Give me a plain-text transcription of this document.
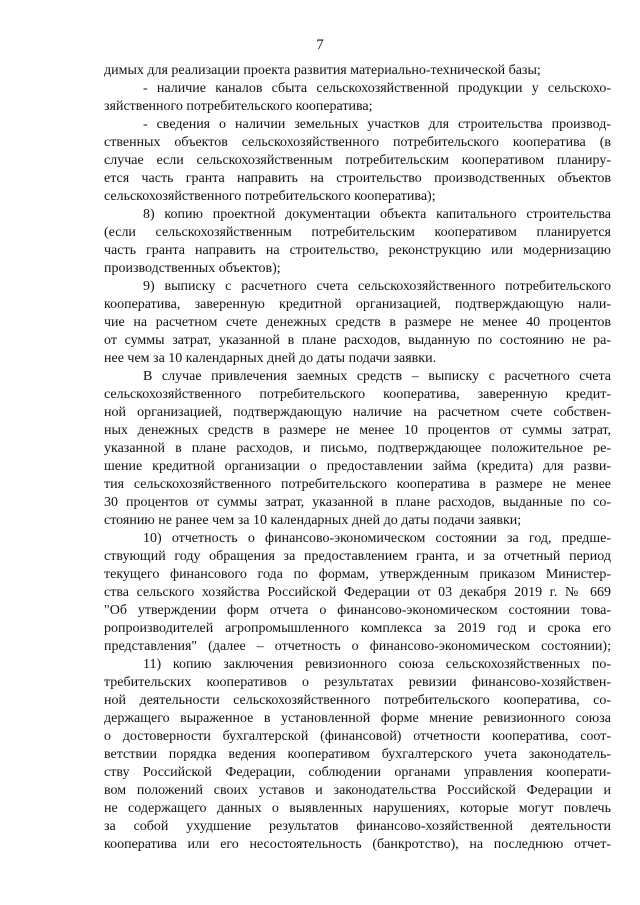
7
димых для реализации проекта развития материально-технической базы;
- наличие каналов сбыта сельскохозяйственной продукции у сельскохо-
зяйственного потребительского кооператива;
- сведения о наличии земельных участков для строительства производ-
ственных объектов сельскохозяйственного потребительского кооператива (в
случае если сельскохозяйственным потребительским кооперативом планиру-
ется часть гранта направить на строительство производственных объектов
сельскохозяйственного потребительского кооператива);
8) копию проектной документации объекта капитального строительства
(если сельскохозяйственным потребительским кооперативом планируется
часть гранта направить на строительство, реконструкцию или модернизацию
производственных объектов);
9) выписку с расчетного счета сельскохозяйственного потребительского
кооператива, заверенную кредитной организацией, подтверждающую нали-
чие на расчетном счете денежных средств в размере не менее 40 процентов
от суммы затрат, указанной в плане расходов, выданную по состоянию не ра-
нее чем за 10 календарных дней до даты подачи заявки.
В случае привлечения заемных средств – выписку с расчетного счета
сельскохозяйственного потребительского кооператива, заверенную кредит-
ной организацией, подтверждающую наличие на расчетном счете собствен-
ных денежных средств в размере не менее 10 процентов от суммы затрат,
указанной в плане расходов, и письмо, подтверждающее положительное ре-
шение кредитной организации о предоставлении займа (кредита) для разви-
тия сельскохозяйственного потребительского кооператива в размере не менее
30 процентов от суммы затрат, указанной в плане расходов, выданные по со-
стоянию не ранее чем за 10 календарных дней до даты подачи заявки;
10) отчетность о финансово-экономическом состоянии за год, предше-
ствующий году обращения за предоставлением гранта, и за отчетный период
текущего финансового года по формам, утвержденным приказом Министер-
ства сельского хозяйства Российской Федерации от 03 декабря 2019 г. № 669
"Об утверждении форм отчета о финансово-экономическом состоянии това-
ропроизводителей агропромышленного комплекса за 2019 год и срока его
представления" (далее – отчетность о финансово-экономическом состоянии);
11) копию заключения ревизионного союза сельскохозяйственных по-
требительских кооперативов о результатах ревизии финансово-хозяйствен-
ной деятельности сельскохозяйственного потребительского кооператива, со-
держащего выраженное в установленной форме мнение ревизионного союза
о достоверности бухгалтерской (финансовой) отчетности кооператива, соот-
ветствии порядка ведения кооперативом бухгалтерского учета законодатель-
ству Российской Федерации, соблюдении органами управления кооперати-
вом положений своих уставов и законодательства Российской Федерации и
не содержащего данных о выявленных нарушениях, которые могут повлечь
за собой ухудшение результатов финансово-хозяйственной деятельности
кооператива или его несостоятельность (банкротство), на последнюю отчет-
